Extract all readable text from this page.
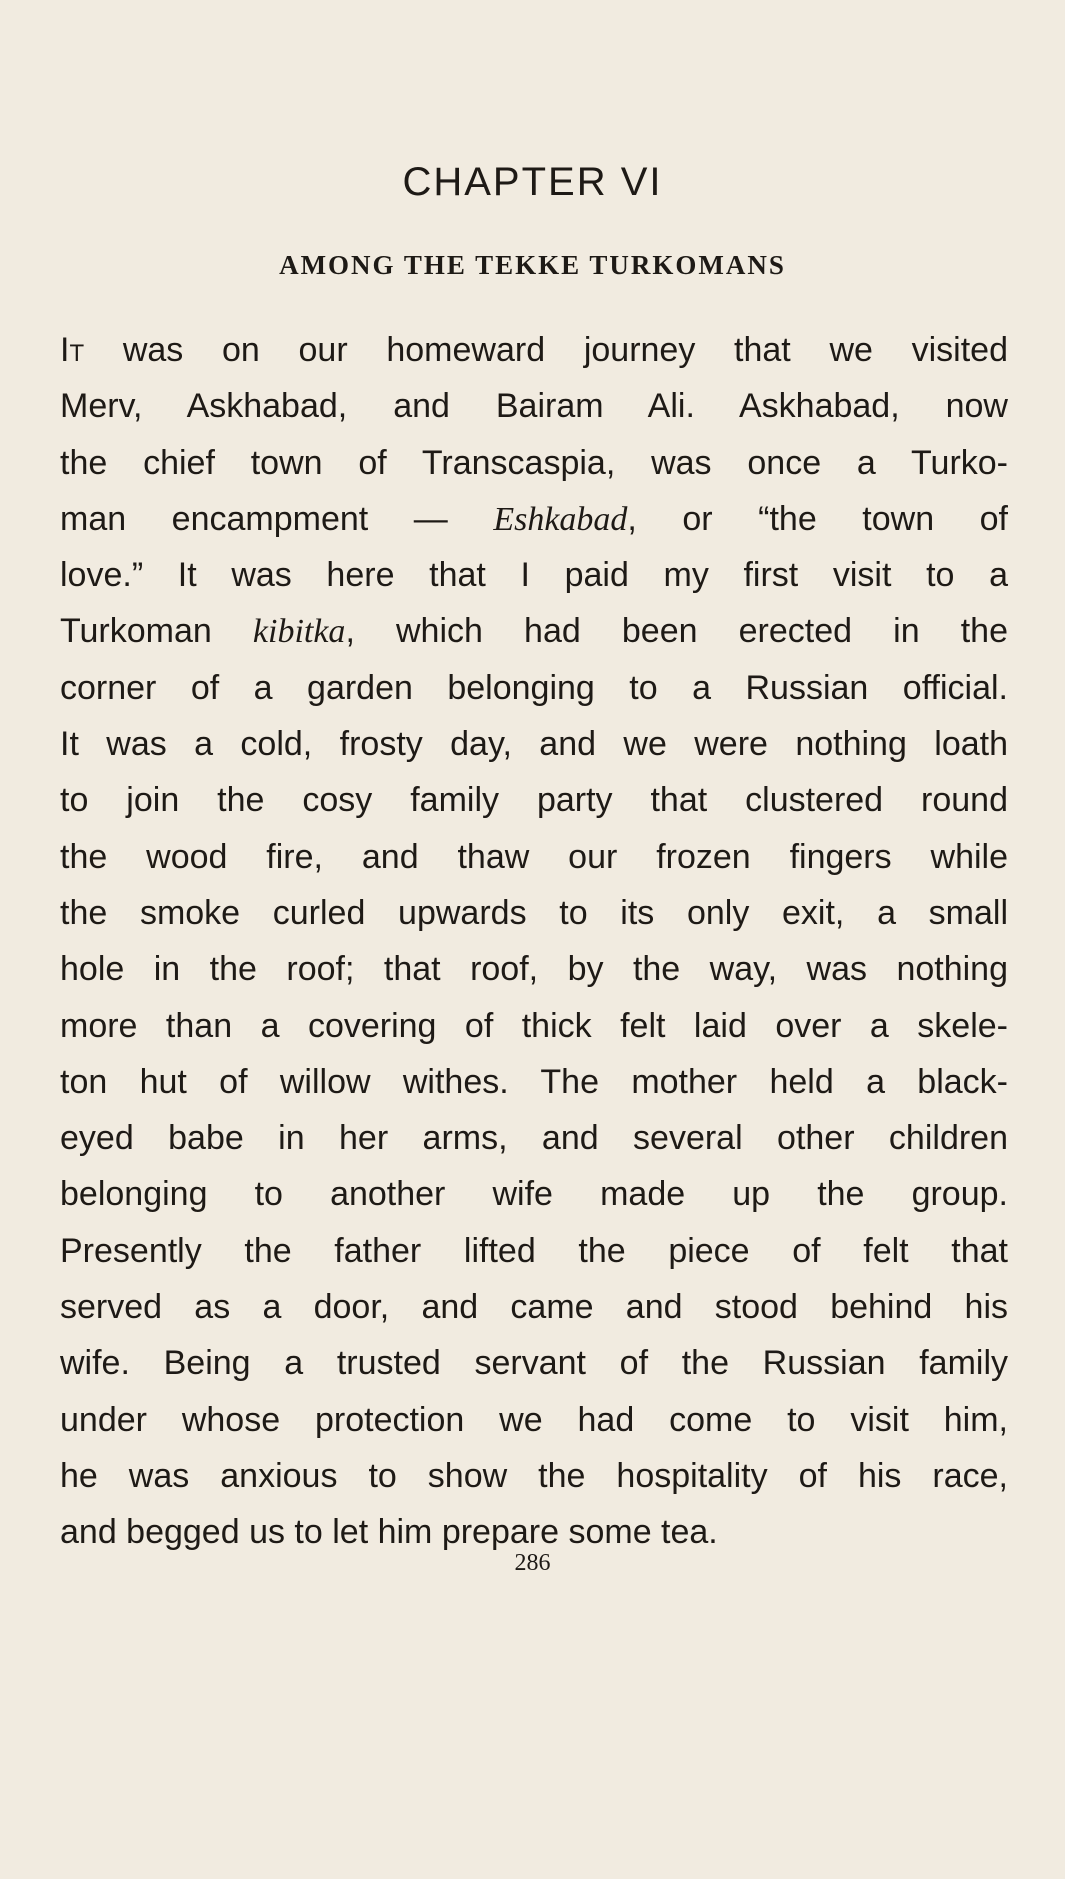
CHAPTER VI
AMONG THE TEKKE TURKOMANS
It was on our homeward journey that we visited
Merv, Askhabad, and Bairam Ali. Askhabad, now
the chief town of Transcaspia, was once a Turko-
man encampment — Eshkabad, or “the town of
love.” It was here that I paid my first visit to a
Turkoman kibitka, which had been erected in the
corner of a garden belonging to a Russian official.
It was a cold, frosty day, and we were nothing loath
to join the cosy family party that clustered round
the wood fire, and thaw our frozen fingers while
the smoke curled upwards to its only exit, a small
hole in the roof; that roof, by the way, was nothing
more than a covering of thick felt laid over a skele-
ton hut of willow withes. The mother held a black-
eyed babe in her arms, and several other children
belonging to another wife made up the group.
Presently the father lifted the piece of felt that
served as a door, and came and stood behind his
wife. Being a trusted servant of the Russian family
under whose protection we had come to visit him,
he was anxious to show the hospitality of his race,
and begged us to let him prepare some tea.
286
